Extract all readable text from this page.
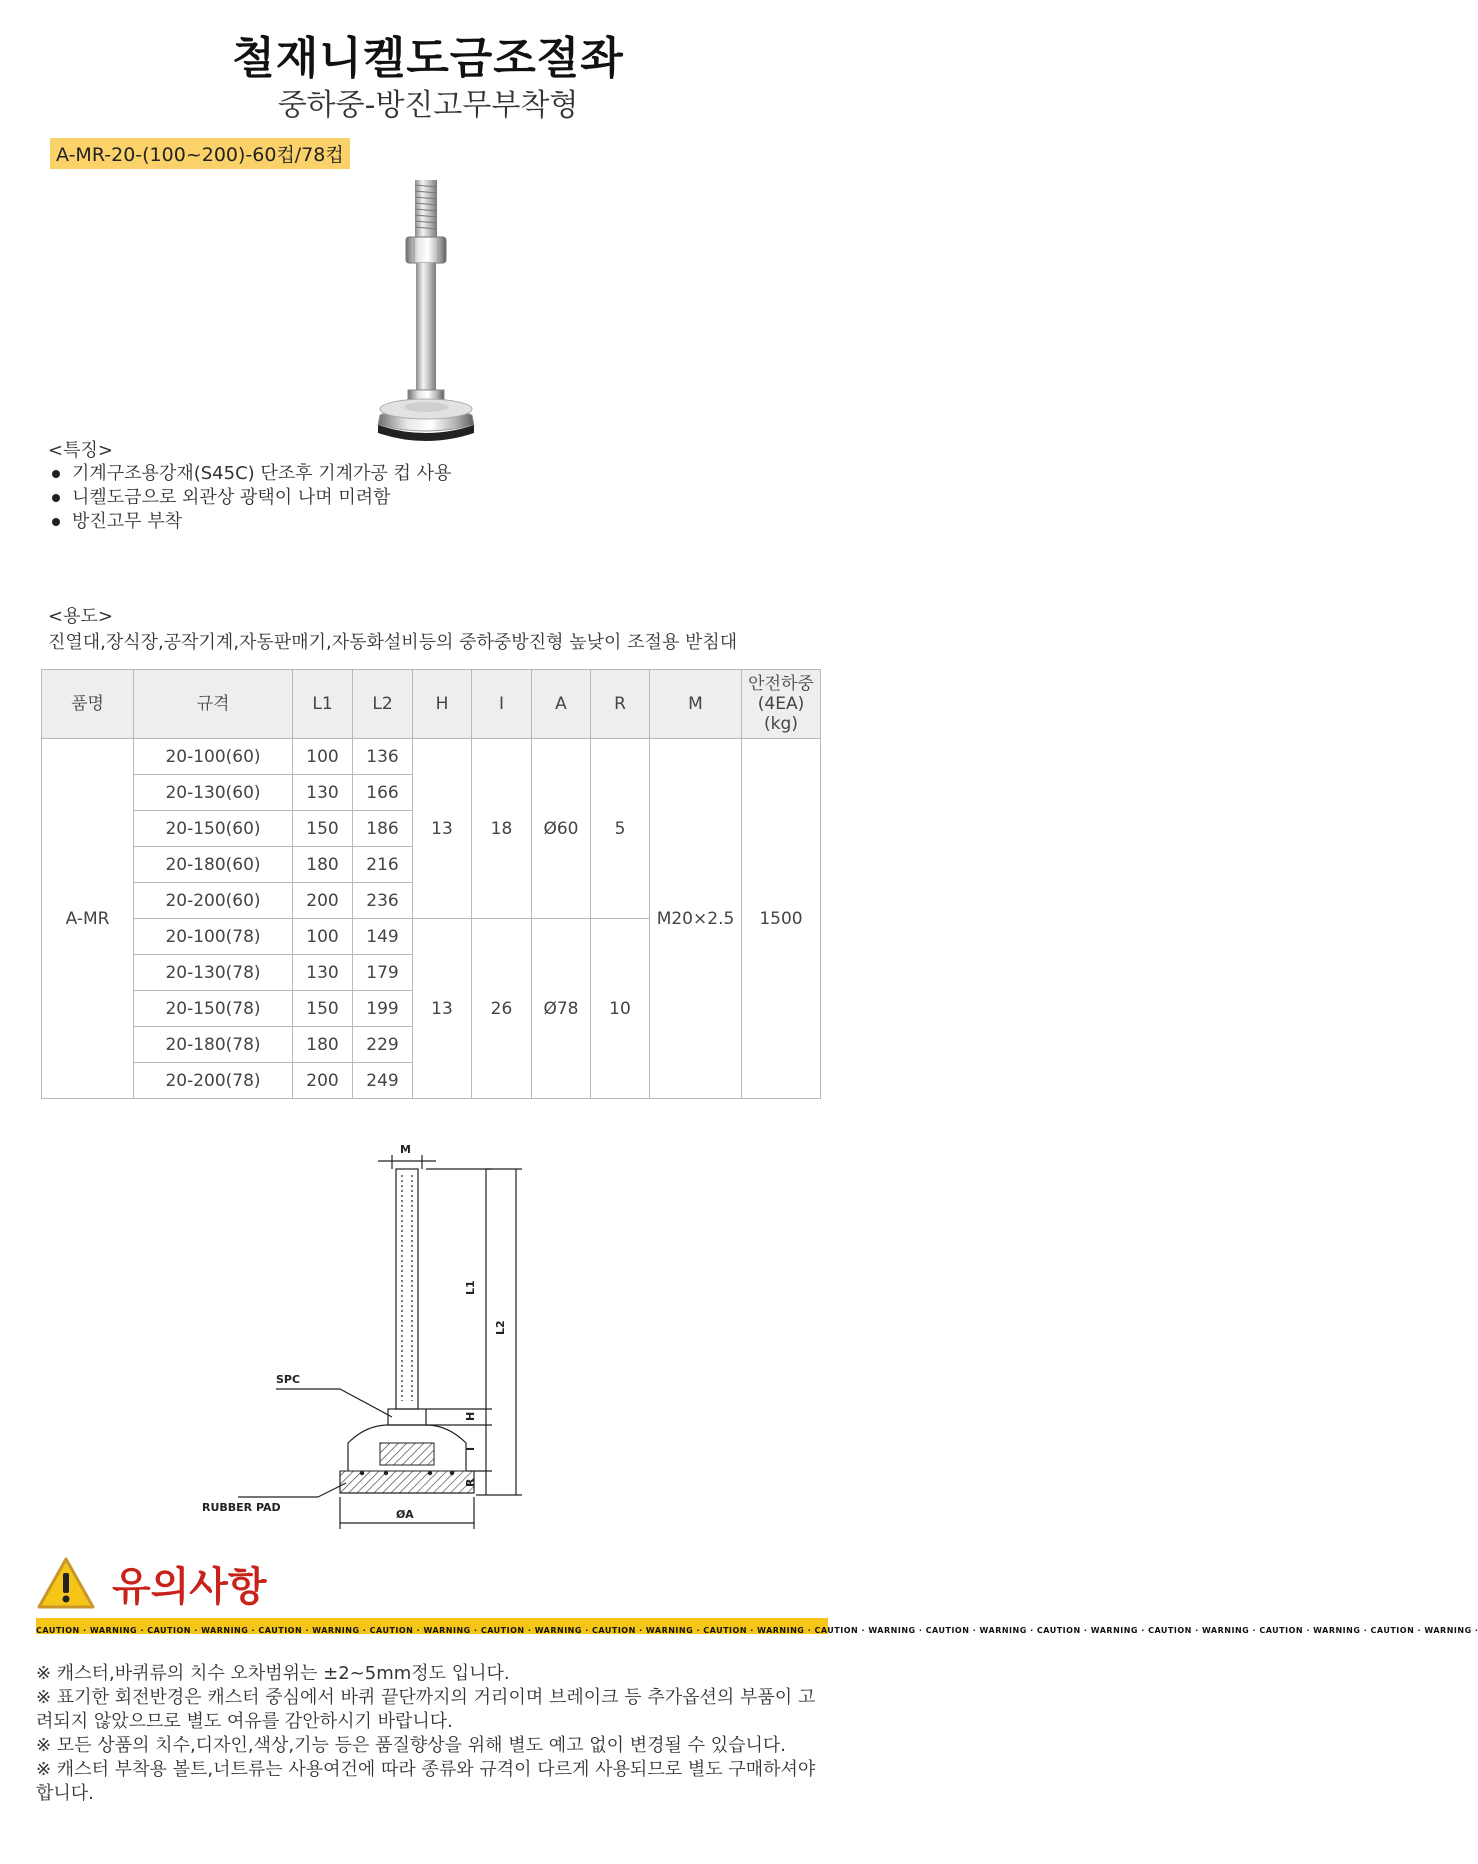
철재니켈도금조절좌
중하중-방진고무부착형
A-MR-20-(100~200)-60컵/78컵
<특징>
기계구조용강재(S45C) 단조후 기계가공 컵 사용
니켈도금으로 외관상 광택이 나며 미려함
방진고무 부착
<용도>
진열대,장식장,공작기계,자동판매기,자동화설비등의 중하중방진형 높낮이 조절용 받침대
품명	규격	L1	L2	H	I	A	R	M	안전하중
(4EA)
(kg)

A-MR	20-100(60)	100	136	13	18	Ø60	5	M20×2.5	1500
	20-130(60)	130	166						
	20-150(60)	150	186						
	20-180(60)	180	216						
	20-200(60)	200	236						
	20-100(78)	100	149	13	26	Ø78	10		
	20-130(78)	130	179						
	20-150(78)	150	199						
	20-180(78)	180	229						
	20-200(78)	200	249						
M
L1
L2
H
I
R
ØA
SPC
RUBBER PAD
유의사항
CAUTION · WARNING · CAUTION · WARNING · CAUTION · WARNING · CAUTION · WARNING · CAUTION · WARNING · CAUTION · WARNING · CAUTION · WARNING · CAUTION · WARNING · CAUTION · WARNING · CAUTION · WARNING · CAUTION · WARNING · CAUTION · WARNING · CAUTION · WARNING ·
※ 캐스터,바퀴류의 치수 오차범위는 ±2~5mm정도 입니다.
※ 표기한 회전반경은 캐스터 중심에서 바퀴 끝단까지의 거리이며 브레이크 등 추가옵션의 부품이 고려되지 않았으므로 별도 여유를 감안하시기 바랍니다.
※ 모든 상품의 치수,디자인,색상,기능 등은 품질향상을 위해 별도 예고 없이 변경될 수 있습니다.
※ 캐스터 부착용 볼트,너트류는 사용여건에 따라 종류와 규격이 다르게 사용되므로 별도 구매하셔야 합니다.
